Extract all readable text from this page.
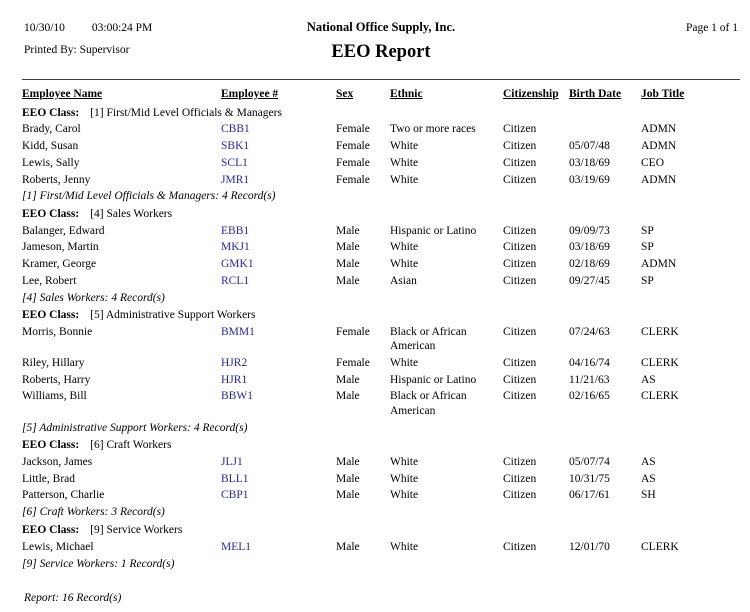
10/30/10 03:00:24 PM
Printed By: Supervisor
National Office Supply, Inc.
EEO Report
Page 1 of 1
Employee Name	Employee #	Sex	Ethnic	Citizenship	Birth Date	Job Title
EEO Class: [1] First/Mid Level Officials & Managers						
Brady, Carol	CBB1	Female	Two or more races	Citizen		ADMN
Kidd, Susan	SBK1	Female	White	Citizen	05/07/48	ADMN
Lewis, Sally	SCL1	Female	White	Citizen	03/18/69	CEO
Roberts, Jenny	JMR1	Female	White	Citizen	03/19/69	ADMN
[1] First/Mid Level Officials & Managers: 4 Record(s)						
EEO Class: [4] Sales Workers						
Balanger, Edward	EBB1	Male	Hispanic or Latino	Citizen	09/09/73	SP
Jameson, Martin	MKJ1	Male	White	Citizen	03/18/69	SP
Kramer, George	GMK1	Male	White	Citizen	02/18/69	ADMN
Lee, Robert	RCL1	Male	Asian	Citizen	09/27/45	SP
[4] Sales Workers: 4 Record(s)						
EEO Class: [5] Administrative Support Workers						
Morris, Bonnie	BMM1	Female	Black or African American	Citizen	07/24/63	CLERK
Riley, Hillary	HJR2	Female	White	Citizen	04/16/74	CLERK
Roberts, Harry	HJR1	Male	Hispanic or Latino	Citizen	11/21/63	AS
Williams, Bill	BBW1	Male	Black or African American	Citizen	02/16/65	CLERK
[5] Administrative Support Workers: 4 Record(s)						
EEO Class: [6] Craft Workers						
Jackson, James	JLJ1	Male	White	Citizen	05/07/74	AS
Little, Brad	BLL1	Male	White	Citizen	10/31/75	AS
Patterson, Charlie	CBP1	Male	White	Citizen	06/17/61	SH
[6] Craft Workers: 3 Record(s)						
EEO Class: [9] Service Workers						
Lewis, Michael	MEL1	Male	White	Citizen	12/01/70	CLERK
[9] Service Workers: 1 Record(s)						
Report: 16 Record(s)
